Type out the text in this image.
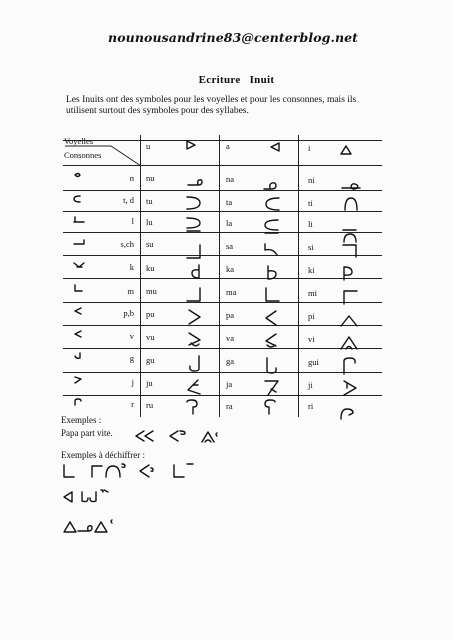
nounousandrine83@centerblog.net
Ecriture Inuit
Les Inuits ont des symboles pour les voyelles et pour les consonnes, mais ils utilisent surtout des symboles pour des syllabes.
Voyelles
Consonnes
u	a	i
n nu	na	ni
t, d tu	ta	ti
l lu	la	li
s,ch su	sa	si
k ku	ka	ki
m mu	ma	mi
p,b pu	pa	pi
v vu	va	vi
g gu	ga	gui
j ju	ja	ji
r ru	ra	ri
Exemples :
Papa part vite.
Exemples à déchiffrer :
